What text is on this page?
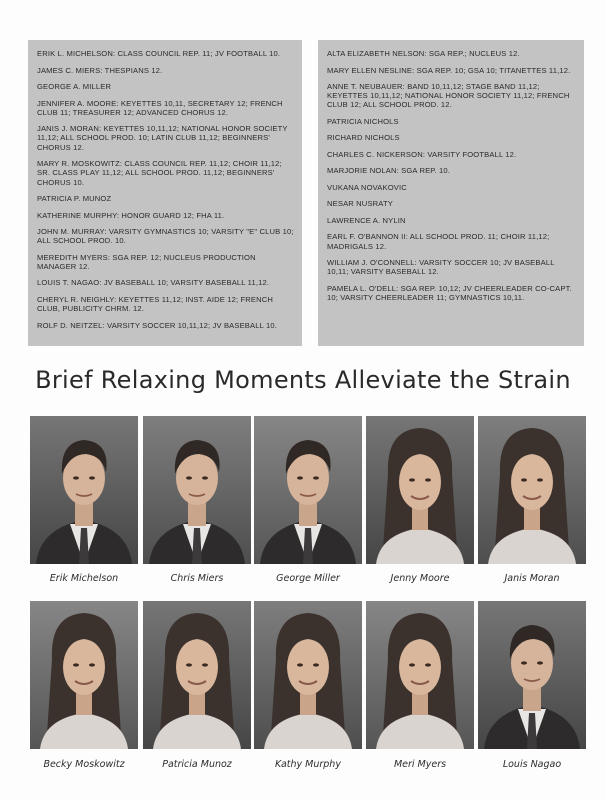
ERIK L. MICHELSON: CLASS COUNCIL REP. 11; JV FOOTBALL 10.
JAMES C. MIERS: THESPIANS 12.
GEORGE A. MILLER
JENNIFER A. MOORE: KEYETTES 10,11, SECRETARY 12; FRENCH CLUB 11; TREASURER 12; ADVANCED CHORUS 12.
JANIS J. MORAN: KEYETTES 10,11,12; NATIONAL HONOR SOCIETY 11,12; ALL SCHOOL PROD. 10; LATIN CLUB 11,12; BEGINNERS' CHORUS 12.
MARY R. MOSKOWITZ: CLASS COUNCIL REP. 11,12; CHOIR 11,12; SR. CLASS PLAY 11,12; ALL SCHOOL PROD. 11,12; BEGINNERS' CHORUS 10.
PATRICIA P. MUNOZ
KATHERINE MURPHY: HONOR GUARD 12; FHA 11.
JOHN M. MURRAY: VARSITY GYMNASTICS 10; VARSITY "E" CLUB 10; ALL SCHOOL PROD. 10.
MEREDITH MYERS: SGA REP. 12; NUCLEUS PRODUCTION MANAGER 12.
LOUIS T. NAGAO: JV BASEBALL 10; VARSITY BASEBALL 11,12.
CHERYL R. NEIGHLY: KEYETTES 11,12; INST. AIDE 12; FRENCH CLUB, PUBLICITY CHRM. 12.
ROLF D. NEITZEL: VARSITY SOCCER 10,11,12; JV BASEBALL 10.
ALTA ELIZABETH NELSON: SGA REP.; NUCLEUS 12.
MARY ELLEN NESLINE: SGA REP. 10; GSA 10; TITANETTES 11,12.
ANNE T. NEUBAUER: BAND 10,11,12; STAGE BAND 11,12; KEYETTES 10,11,12; NATIONAL HONOR SOCIETY 11,12; FRENCH CLUB 12; ALL SCHOOL PROD. 12.
PATRICIA NICHOLS
RICHARD NICHOLS
CHARLES C. NICKERSON: VARSITY FOOTBALL 12.
MARJORIE NOLAN: SGA REP. 10.
VUKANA NOVAKOVIC
NESAR NUSRATY
LAWRENCE A. NYLIN
EARL F. O'BANNON II: ALL SCHOOL PROD. 11; CHOIR 11,12; MADRIGALS 12.
WILLIAM J. O'CONNELL: VARSITY SOCCER 10; JV BASEBALL 10,11; VARSITY BASEBALL 12.
PAMELA L. O'DELL: SGA REP. 10,12; JV CHEERLEADER CO-CAPT. 10; VARSITY CHEERLEADER 11; GYMNASTICS 10,11.
Brief Relaxing Moments Alleviate the Strain
Erik Michelson	Chris Miers	George Miller	Jenny Moore	Janis Moran
Becky Moskowitz	Patricia Munoz	Kathy Murphy	Meri Myers	Louis Nagao
